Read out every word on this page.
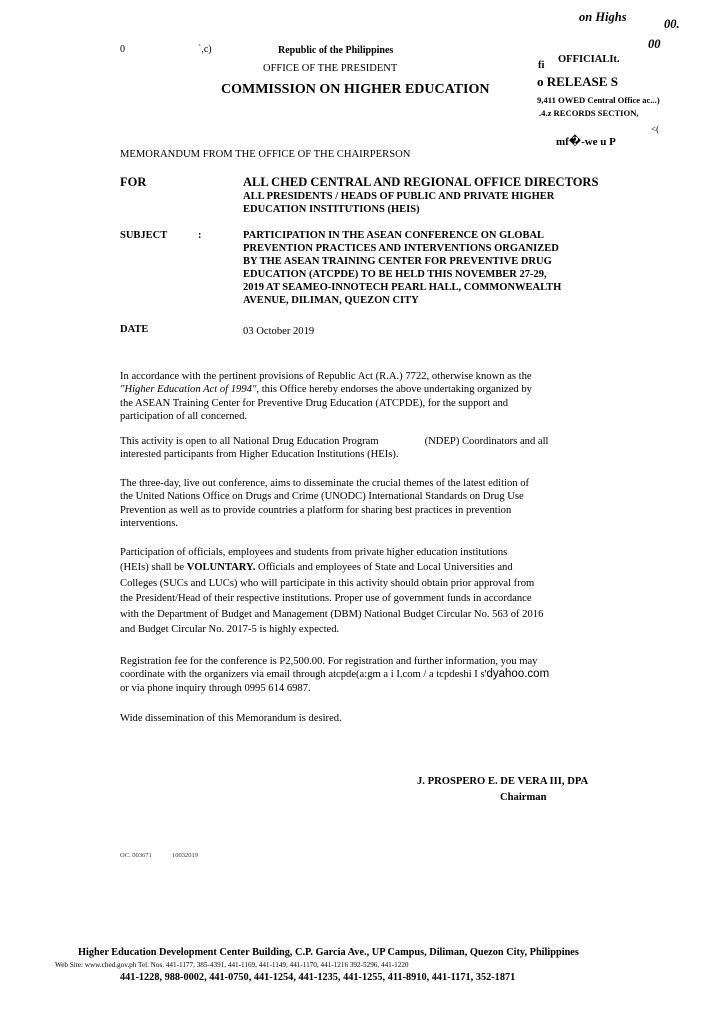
on Highs	00.
00
0	`,c)	Republic of the Philippines
OFFICE OF THE PRESIDENT
COMMISSION ON HIGHER EDUCATION
fi
OFFICIALIt.
o RELEASE S
9,411 OWED Central Office ac...)
.4.z RECORDS SECTION,
<(
mf�-we u P
MEMORANDUM FROM THE OFFICE OF THE CHAIRPERSON
FOR	ALL CHED CENTRAL AND REGIONAL OFFICE DIRECTORS
ALL PRESIDENTS / HEADS OF PUBLIC AND PRIVATE HIGHER
EDUCATION INSTITUTIONS (HEIS)
SUBJECT	:	PARTICIPATION IN THE ASEAN CONFERENCE ON GLOBAL
PREVENTION PRACTICES AND INTERVENTIONS ORGANIZED
BY THE ASEAN TRAINING CENTER FOR PREVENTIVE DRUG
EDUCATION (ATCPDE) TO BE HELD THIS NOVEMBER 27-29,
2019 AT SEAMEO-INNOTECH PEARL HALL, COMMONWEALTH
AVENUE, DILIMAN, QUEZON CITY
DATE	03 October 2019
In accordance with the pertinent provisions of Republic Act (R.A.) 7722, otherwise known as the
"Higher Education Act of 1994", this Office hereby endorses the above undertaking organized by
the ASEAN Training Center for Preventive Drug Education (ATCPDE), for the support and
participation of all concerned.
This activity is open to all National Drug Education Program	(NDEP) Coordinators and all
interested participants from Higher Education Institutions (HEIs).
The three-day, live out conference, aims to disseminate the crucial themes of the latest edition of
the United Nations Office on Drugs and Crime (UNODC) International Standards on Drug Use
Prevention as well as to provide countries a platform for sharing best practices in prevention
interventions.
Participation of officials, employees and students from private higher education institutions
(HEIs) shall be VOLUNTARY. Officials and employees of State and Local Universities and
Colleges (SUCs and LUCs) who will participate in this activity should obtain prior approval from
the President/Head of their respective institutions. Proper use of government funds in accordance
with the Department of Budget and Management (DBM) National Budget Circular No. 563 of 2016
and Budget Circular No. 2017-5 is highly expected.
Registration fee for the conference is P2,500.00. For registration and further information, you may
coordinate with the organizers via email through atcpde(a:gm a i I.com / a tcpdeshi I s'dyahoo.com
or via phone inquiry through 0995 614 6987.
Wide dissemination of this Memorandum is desired.
J. PROSPERO E. DE VERA III, DPA
Chairman
OC. 003671	10032019
Higher Education Development Center Building, C.P. Garcia Ave., UP Campus, Diliman, Quezon City, Philippines
Web Site: www.ched.gov.ph Tel. Nos. 441-1177, 385-4391, 441-1169, 441-1149, 441-1170, 441-1216 392-5296, 441-1220
441-1228, 988-0002, 441-0750, 441-1254, 441-1235, 441-1255, 411-8910, 441-1171, 352-1871
